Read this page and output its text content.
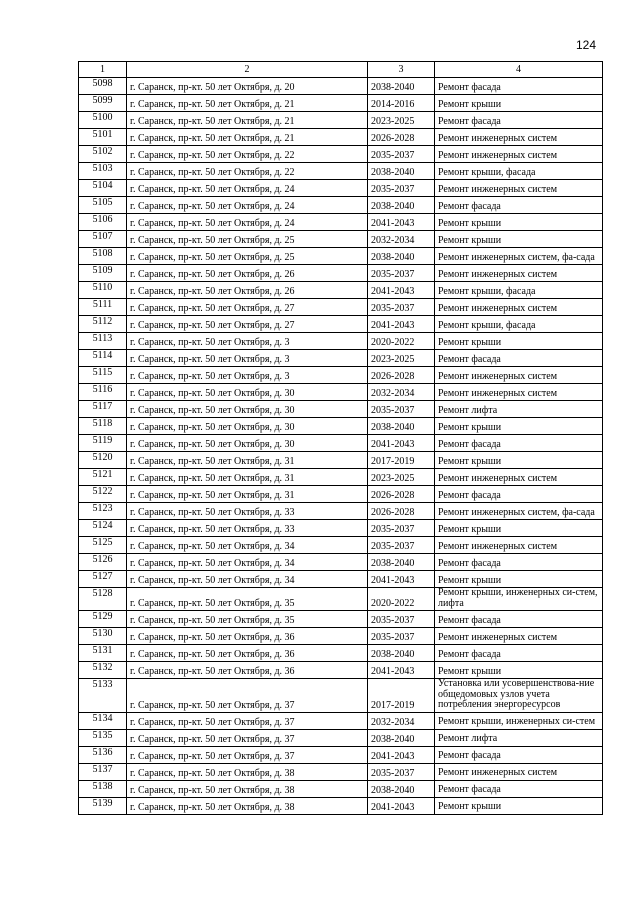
124
1	2	3	4
5098	г. Саранск, пр-кт. 50 лет Октября, д. 20	2038-2040	Ремонт фасада
5099	г. Саранск, пр-кт. 50 лет Октября, д. 21	2014-2016	Ремонт крыши
5100	г. Саранск, пр-кт. 50 лет Октября, д. 21	2023-2025	Ремонт фасада
5101	г. Саранск, пр-кт. 50 лет Октября, д. 21	2026-2028	Ремонт инженерных систем
5102	г. Саранск, пр-кт. 50 лет Октября, д. 22	2035-2037	Ремонт инженерных систем
5103	г. Саранск, пр-кт. 50 лет Октября, д. 22	2038-2040	Ремонт крыши, фасада
5104	г. Саранск, пр-кт. 50 лет Октября, д. 24	2035-2037	Ремонт инженерных систем
5105	г. Саранск, пр-кт. 50 лет Октября, д. 24	2038-2040	Ремонт фасада
5106	г. Саранск, пр-кт. 50 лет Октября, д. 24	2041-2043	Ремонт крыши
5107	г. Саранск, пр-кт. 50 лет Октября, д. 25	2032-2034	Ремонт крыши
5108	г. Саранск, пр-кт. 50 лет Октября, д. 25	2038-2040	Ремонт инженерных систем, фа-сада
5109	г. Саранск, пр-кт. 50 лет Октября, д. 26	2035-2037	Ремонт инженерных систем
5110	г. Саранск, пр-кт. 50 лет Октября, д. 26	2041-2043	Ремонт крыши, фасада
5111	г. Саранск, пр-кт. 50 лет Октября, д. 27	2035-2037	Ремонт инженерных систем
5112	г. Саранск, пр-кт. 50 лет Октября, д. 27	2041-2043	Ремонт крыши, фасада
5113	г. Саранск, пр-кт. 50 лет Октября, д. 3	2020-2022	Ремонт крыши
5114	г. Саранск, пр-кт. 50 лет Октября, д. 3	2023-2025	Ремонт фасада
5115	г. Саранск, пр-кт. 50 лет Октября, д. 3	2026-2028	Ремонт инженерных систем
5116	г. Саранск, пр-кт. 50 лет Октября, д. 30	2032-2034	Ремонт инженерных систем
5117	г. Саранск, пр-кт. 50 лет Октября, д. 30	2035-2037	Ремонт лифта
5118	г. Саранск, пр-кт. 50 лет Октября, д. 30	2038-2040	Ремонт крыши
5119	г. Саранск, пр-кт. 50 лет Октября, д. 30	2041-2043	Ремонт фасада
5120	г. Саранск, пр-кт. 50 лет Октября, д. 31	2017-2019	Ремонт крыши
5121	г. Саранск, пр-кт. 50 лет Октября, д. 31	2023-2025	Ремонт инженерных систем
5122	г. Саранск, пр-кт. 50 лет Октября, д. 31	2026-2028	Ремонт фасада
5123	г. Саранск, пр-кт. 50 лет Октября, д. 33	2026-2028	Ремонт инженерных систем, фа-сада
5124	г. Саранск, пр-кт. 50 лет Октября, д. 33	2035-2037	Ремонт крыши
5125	г. Саранск, пр-кт. 50 лет Октября, д. 34	2035-2037	Ремонт инженерных систем
5126	г. Саранск, пр-кт. 50 лет Октября, д. 34	2038-2040	Ремонт фасада
5127	г. Саранск, пр-кт. 50 лет Октября, д. 34	2041-2043	Ремонт крыши
5128	г. Саранск, пр-кт. 50 лет Октября, д. 35	2020-2022	Ремонт крыши, инженерных си-стем, лифта
5129	г. Саранск, пр-кт. 50 лет Октября, д. 35	2035-2037	Ремонт фасада
5130	г. Саранск, пр-кт. 50 лет Октября, д. 36	2035-2037	Ремонт инженерных систем
5131	г. Саранск, пр-кт. 50 лет Октября, д. 36	2038-2040	Ремонт фасада
5132	г. Саранск, пр-кт. 50 лет Октября, д. 36	2041-2043	Ремонт крыши
5133	г. Саранск, пр-кт. 50 лет Октября, д. 37	2017-2019	Установка или усовершенствова-ние общедомовых узлов учета потребления энергоресурсов
5134	г. Саранск, пр-кт. 50 лет Октября, д. 37	2032-2034	Ремонт крыши, инженерных си-стем
5135	г. Саранск, пр-кт. 50 лет Октября, д. 37	2038-2040	Ремонт лифта
5136	г. Саранск, пр-кт. 50 лет Октября, д. 37	2041-2043	Ремонт фасада
5137	г. Саранск, пр-кт. 50 лет Октября, д. 38	2035-2037	Ремонт инженерных систем
5138	г. Саранск, пр-кт. 50 лет Октября, д. 38	2038-2040	Ремонт фасада
5139	г. Саранск, пр-кт. 50 лет Октября, д. 38	2041-2043	Ремонт крыши
